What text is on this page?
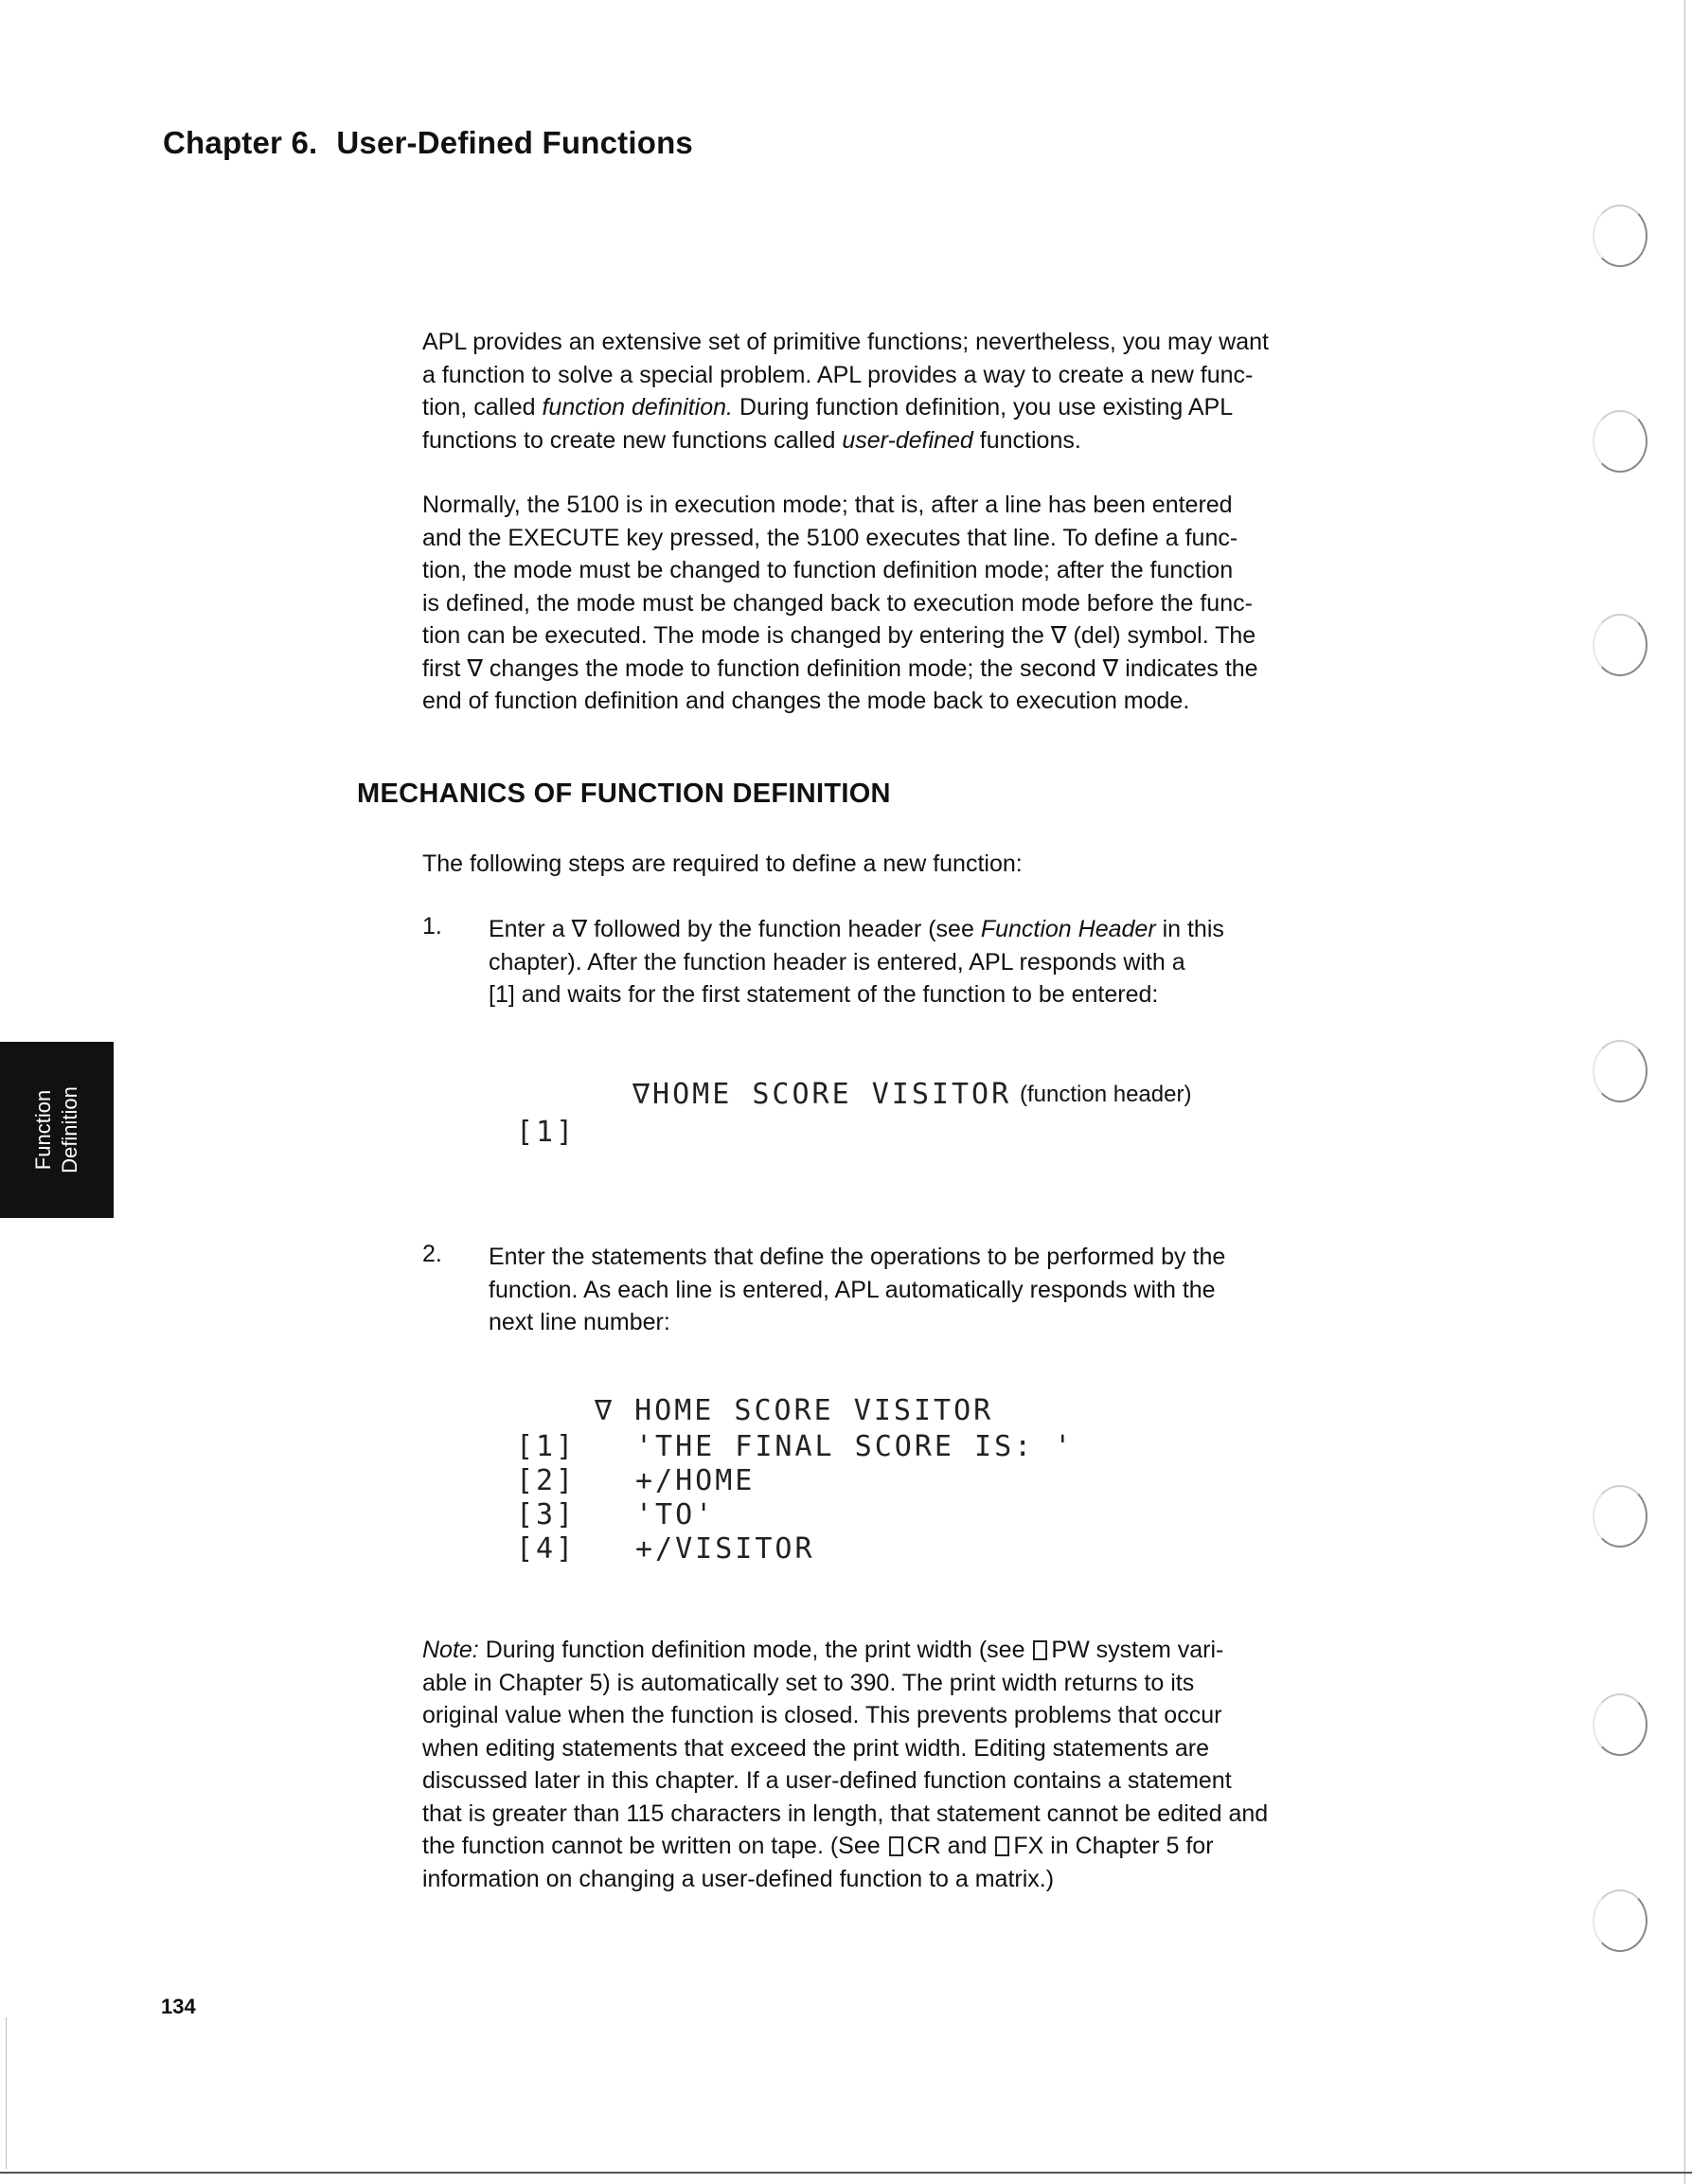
Chapter 6. User-Defined Functions

APL provides an extensive set of primitive functions; nevertheless, you may want
a function to solve a special problem. APL provides a way to create a new func-
tion, called function definition. During function definition, you use existing APL
functions to create new functions called user-defined functions.

Normally, the 5100 is in execution mode; that is, after a line has been entered
and the EXECUTE key pressed, the 5100 executes that line. To define a func-
tion, the mode must be changed to function definition mode; after the function
is defined, the mode must be changed back to execution mode before the func-
tion can be executed. The mode is changed by entering the ∇ (del) symbol. The
first ∇ changes the mode to function definition mode; the second ∇ indicates the
end of function definition and changes the mode back to execution mode.

MECHANICS OF FUNCTION DEFINITION
The following steps are required to define a new function:
1. Enter a ∇ followed by the function header (see Function Header in this
chapter). After the function header is entered, APL responds with a
[1] and waits for the first statement of the function to be entered:
∇HOME SCORE VISITOR (function header)
[1]
Function Definition
2. Enter the statements that define the operations to be performed by the
function. As each line is entered, APL automatically responds with the
next line number:
∇ HOME SCORE VISITOR
[1] 'THE FINAL SCORE IS: '
[2] +/HOME
[3] 'TO'
[4] +/VISITOR

Note: During function definition mode, the print width (see PW system vari-
able in Chapter 5) is automatically set to 390. The print width returns to its
original value when the function is closed. This prevents problems that occur
when editing statements that exceed the print width. Editing statements are
discussed later in this chapter. If a user-defined function contains a statement
that is greater than 115 characters in length, that statement cannot be edited and
the function cannot be written on tape. (See CR and FX in Chapter 5 for
information on changing a user-defined function to a matrix.)

134
